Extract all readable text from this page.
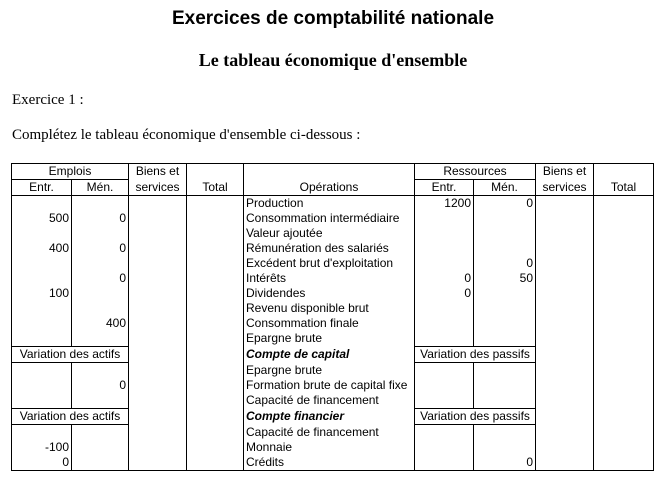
Exercices de comptabilité nationale
Le tableau économique d'ensemble
Exercice 1 :
Complétez le tableau économique d'ensemble ci-dessous :
Emplois		Biens et			Ressources		Biens et	
Entr.	Mén.	services	Total	Opérations	Entr.	Mén.	services	Total
				Production	1200	0		
500	0			Consommation intermédiaire				
				Valeur ajoutée				
400	0			Rémunération des salariés				
				Excédent brut d'exploitation		0		
	0			Intérêts	0	50		
100				Dividendes	0			
				Revenu disponible brut				
	400			Consommation finale				
				Epargne brute				
Variation des actifs				Compte de capital	Variation des passifs			
				Epargne brute				
	0			Formation brute de capital fixe				
				Capacité de financement				
Variation des actifs				Compte financier	Variation des passifs			
				Capacité de financement				
-100				Monnaie				
0				Crédits		0		
